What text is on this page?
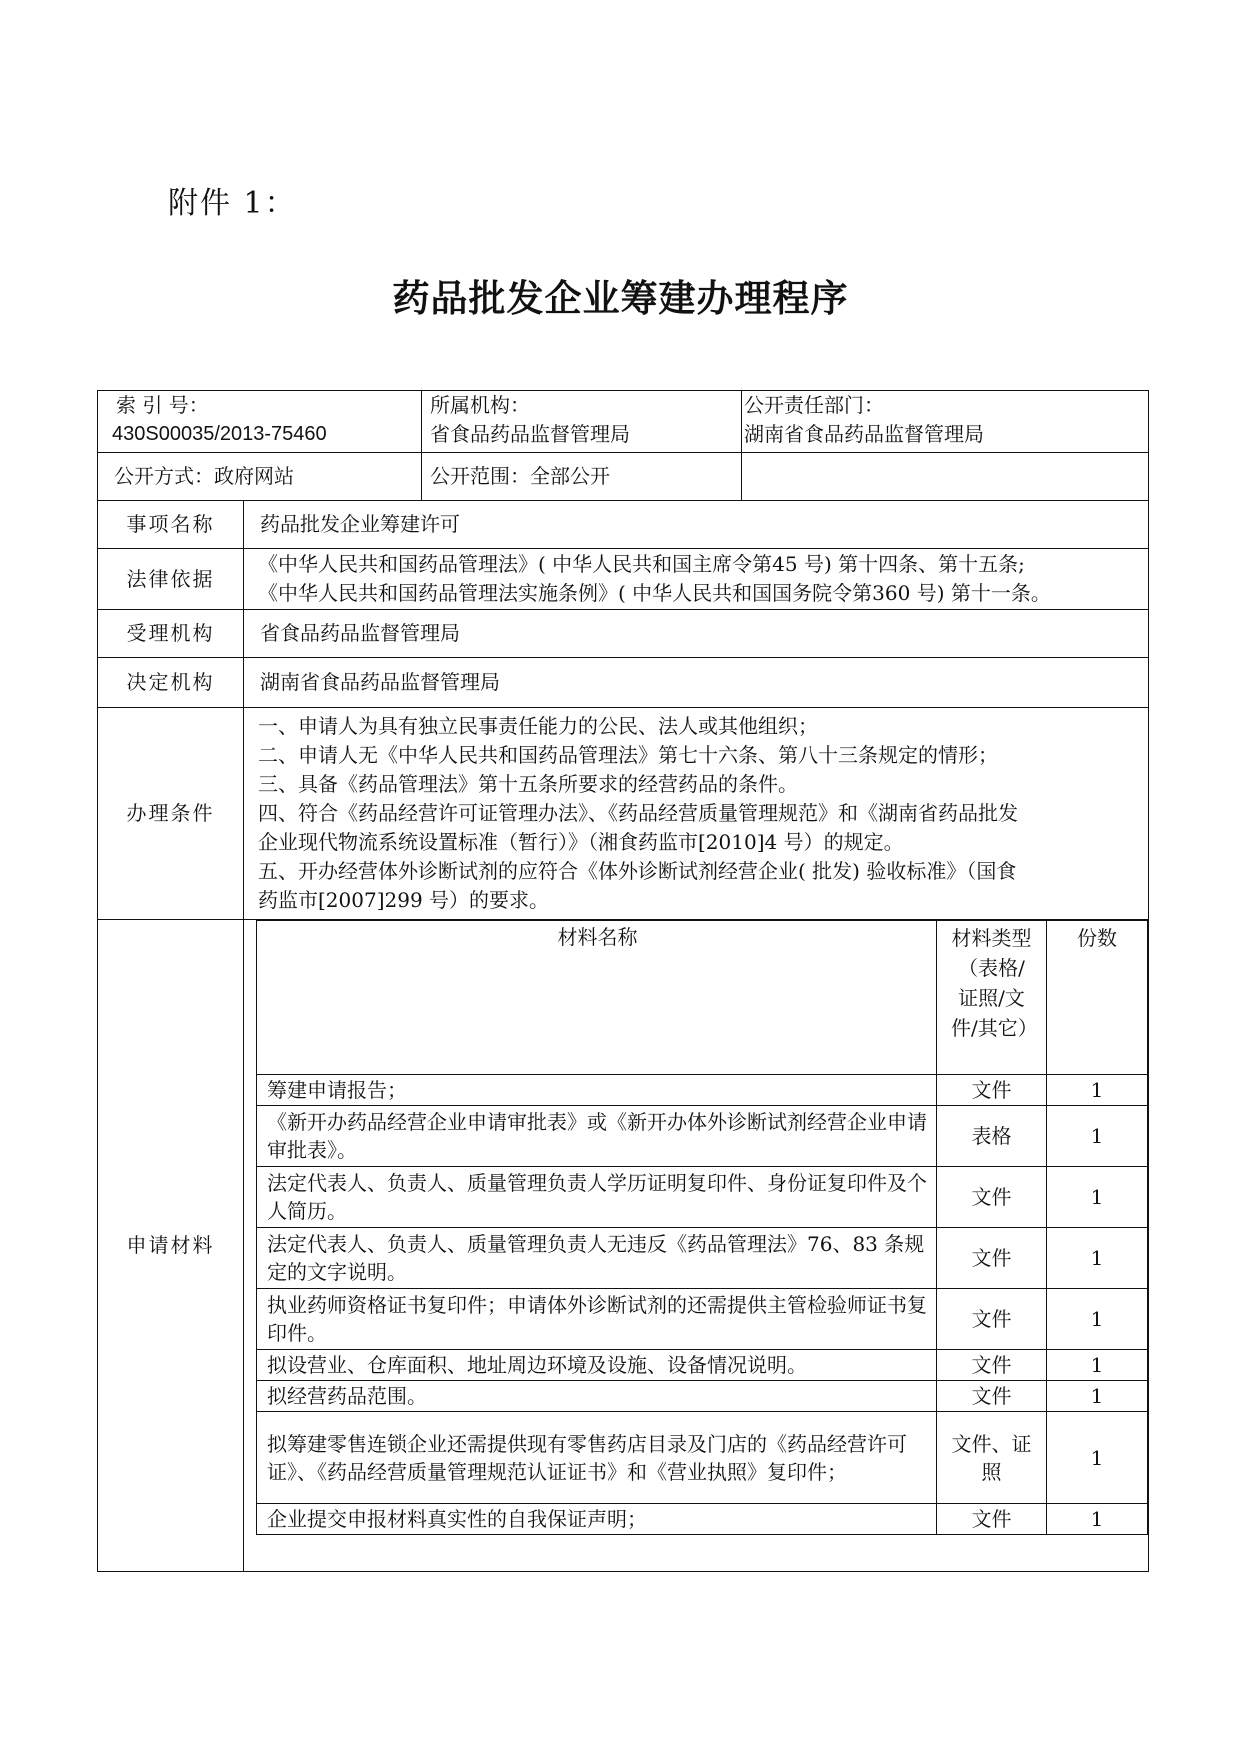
附件 1：
药品批发企业筹建办理程序
索 引 号：
430S00035/2013-75460

所属机构：
省食品药品监督管理局

公开责任部门：
湖南省食品药品监督管理局

公开方式：政府网站	公开范围：全部公开	
事项名称	药品批发企业筹建许可
法律依据	
《中华人民共和国药品管理法》( 中华人民共和国主席令第45 号) 第十四条、第十五条;
《中华人民共和国药品管理法实施条例》( 中华人民共和国国务院令第360 号) 第十一条。

受理机构	省食品药品监督管理局
决定机构	湖南省食品药品监督管理局
办理条件	
一、申请人为具有独立民事责任能力的公民、法人或其他组织；
二、申请人无《中华人民共和国药品管理法》第七十六条、第八十三条规定的情形；
三、具备《药品管理法》第十五条所要求的经营药品的条件。
四、符合《药品经营许可证管理办法》、《药品经营质量管理规范》和《湖南省药品批发
企业现代物流系统设置标准（暂行）》（湘食药监市[2010]4 号）的规定。
五、开办经营体外诊断试剂的应符合《体外诊断试剂经营企业( 批发) 验收标准》（国食
药监市[2007]299 号）的要求。

申请材料	
材料名称	材料类型（表格/证照/文件/其它）	份数
筹建申请报告；	文件	1
《新开办药品经营企业申请审批表》或《新开办体外诊断试剂经营企业申请审批表》。	表格	1
法定代表人、负责人、质量管理负责人学历证明复印件、身份证复印件及个人简历。	文件	1
法定代表人、负责人、质量管理负责人无违反《药品管理法》76、83 条规定的文字说明。	文件	1
执业药师资格证书复印件；申请体外诊断试剂的还需提供主管检验师证书复印件。	文件	1
拟设营业、仓库面积、地址周边环境及设施、设备情况说明。	文件	1
拟经营药品范围。	文件	1
拟筹建零售连锁企业还需提供现有零售药店目录及门店的《药品经营许可证》、《药品经营质量管理规范认证证书》和《营业执照》复印件；	文件、证照	1
企业提交申报材料真实性的自我保证声明；	文件	1
